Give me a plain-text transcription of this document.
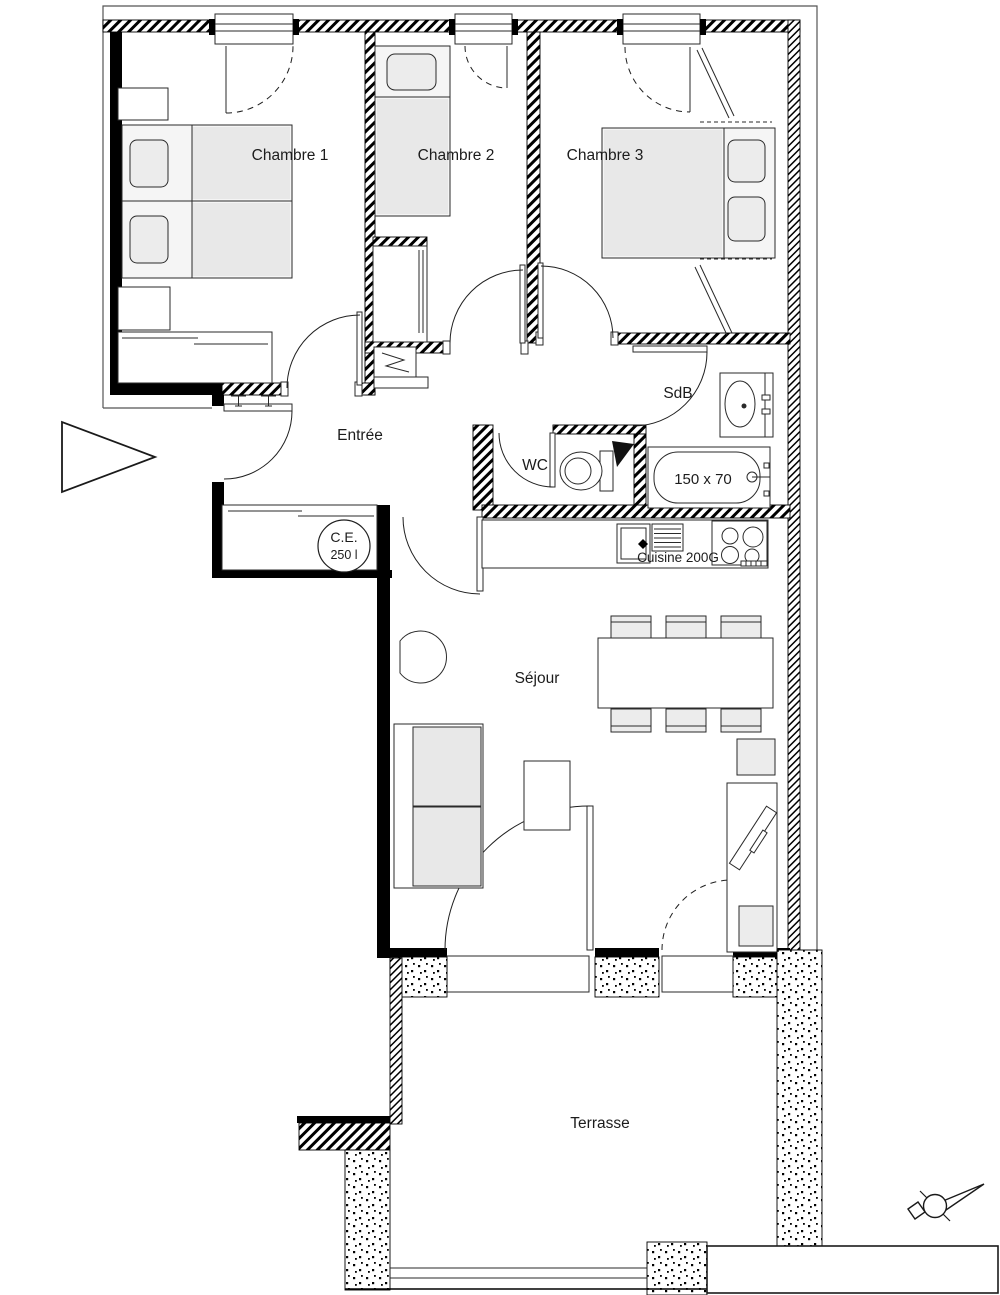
150 x 70
Cuisine 200G
C.E.
250 l
Chambre 1	Chambre 2	Chambre 3
SdB
WC
Entrée
Séjour
Terrasse
